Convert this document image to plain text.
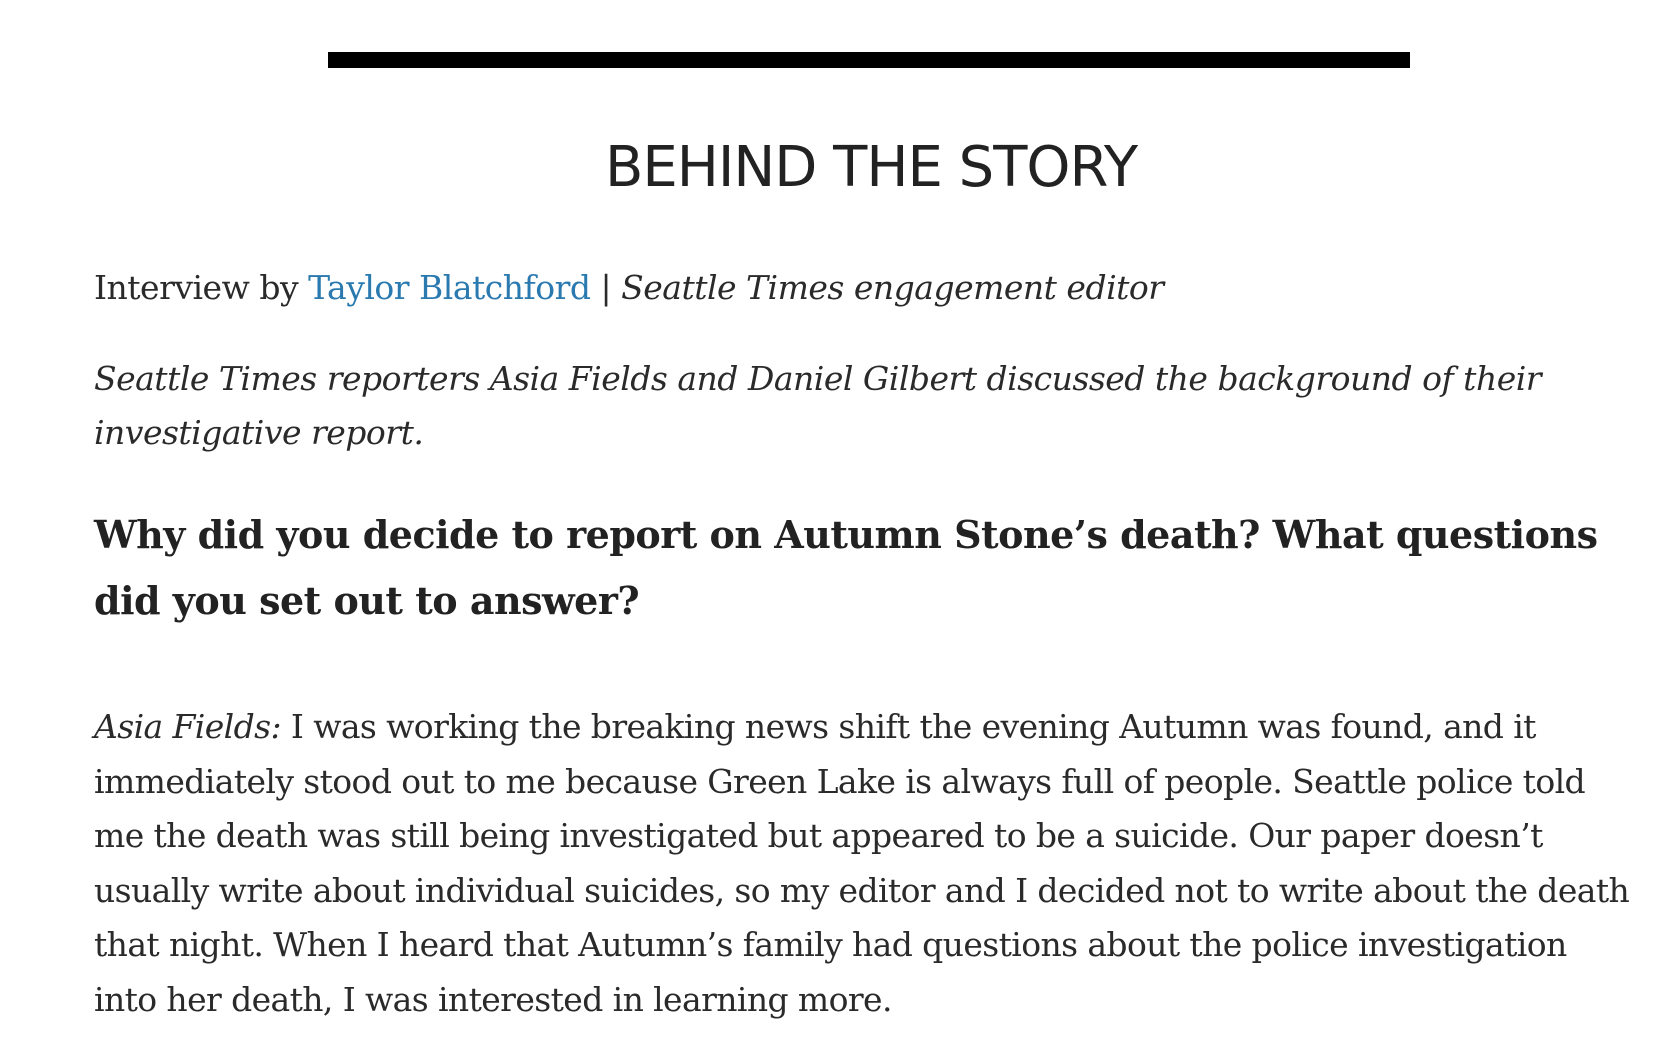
BEHIND THE STORY

Interview by Taylor Blatchford | Seattle Times engagement editor

Seattle Times reporters Asia Fields and Daniel Gilbert discussed the background of their investigative report.

Why did you decide to report on Autumn Stone’s death? What questions did you set out to answer?

Asia Fields: I was working the breaking news shift the evening Autumn was found, and it immediately stood out to me because Green Lake is always full of people. Seattle police told me the death was still being investigated but appeared to be a suicide. Our paper doesn’t usually write about individual suicides, so my editor and I decided not to write about the death that night. When I heard that Autumn’s family had questions about the police investigation into her death, I was interested in learning more.
